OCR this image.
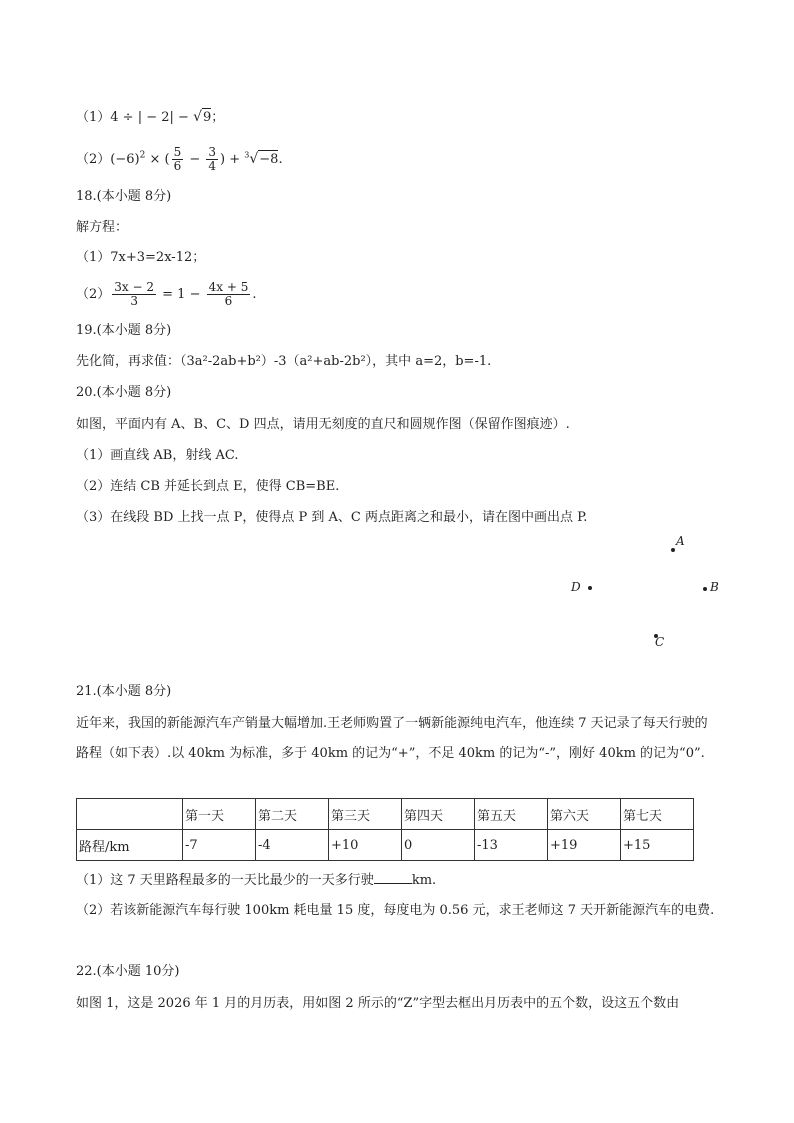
（1）4 ÷ | − 2| − √9；
$(2)(-6)^2$ × ( $\frac{5}{6} - \frac{3}{4}$ ) + $^3$√−8.
18.(本小题 8分)
解方程：
（1）7x+3=2x-12；
$(2) \frac{3x - 2}{3} = 1 - \frac{4x + 5}{6}$ .
19.(本小题 8分)
先化简，再求值：（3a²-2ab+b²）-3（a²+ab-2b²），其中 a=2，b=-1.
20.(本小题 8分)
如图，平面内有 A、B、C、D 四点，请用无刻度的直尺和圆规作图（保留作图痕迹）.
（1）画直线 AB，射线 AC.
（2）连结 CB 并延长到点 E，使得 CB=BE.
（3）在线段 BD 上找一点 P，使得点 P 到 A、C 两点距离之和最小，请在图中画出点 P.
A
D	B
C
21.(本小题 8分)
近年来，我国的新能源汽车产销量大幅增加.王老师购置了一辆新能源纯电汽车，他连续 7 天记录了每天行驶的路程（如下表）.以 40km 为标准，多于 40km 的记为“+”，不足 40km 的记为“-”，刚好 40km 的记为“0”.
	第一天	第二天	第三天	第四天	第五天	第六天	第七天
路程/km	-7	-4	+10	0	-13	+19	+15
（1）这 7 天里路程最多的一天比最少的一天多行驶	km.
（2）若该新能源汽车每行驶 100km 耗电量 15 度，每度电为 0.56 元，求王老师这 7 天开新能源汽车的电费.
22.(本小题 10分)
如图 1，这是 2026 年 1 月的月历表，用如图 2 所示的“Z”字型去框出月历表中的五个数，设这五个数由
